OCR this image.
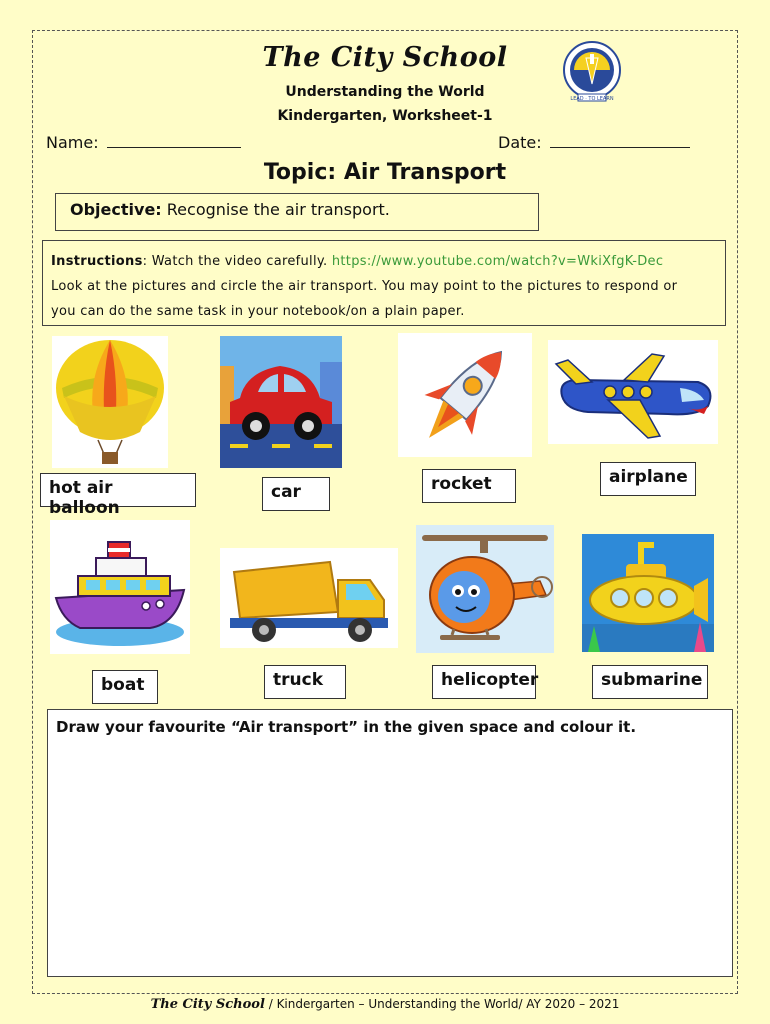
The City School
Understanding the World
Kindergarten, Worksheet-1
LEAD · TO LEARN
Name:	Date:
Topic: Air Transport
Objective: Recognise the air transport.
Instructions: Watch the video carefully. https://www.youtube.com/watch?v=WkiXfgK-Dec
Look at the pictures and circle the air transport. You may point to the pictures to respond or
you can do the same task in your notebook/on a plain paper.
hot air balloon
car	rocket	airplane
boat	truck	helicopter	submarine
Draw your favourite “Air transport” in the given space and colour it.
The City School / Kindergarten – Understanding the World/ AY 2020 – 2021
